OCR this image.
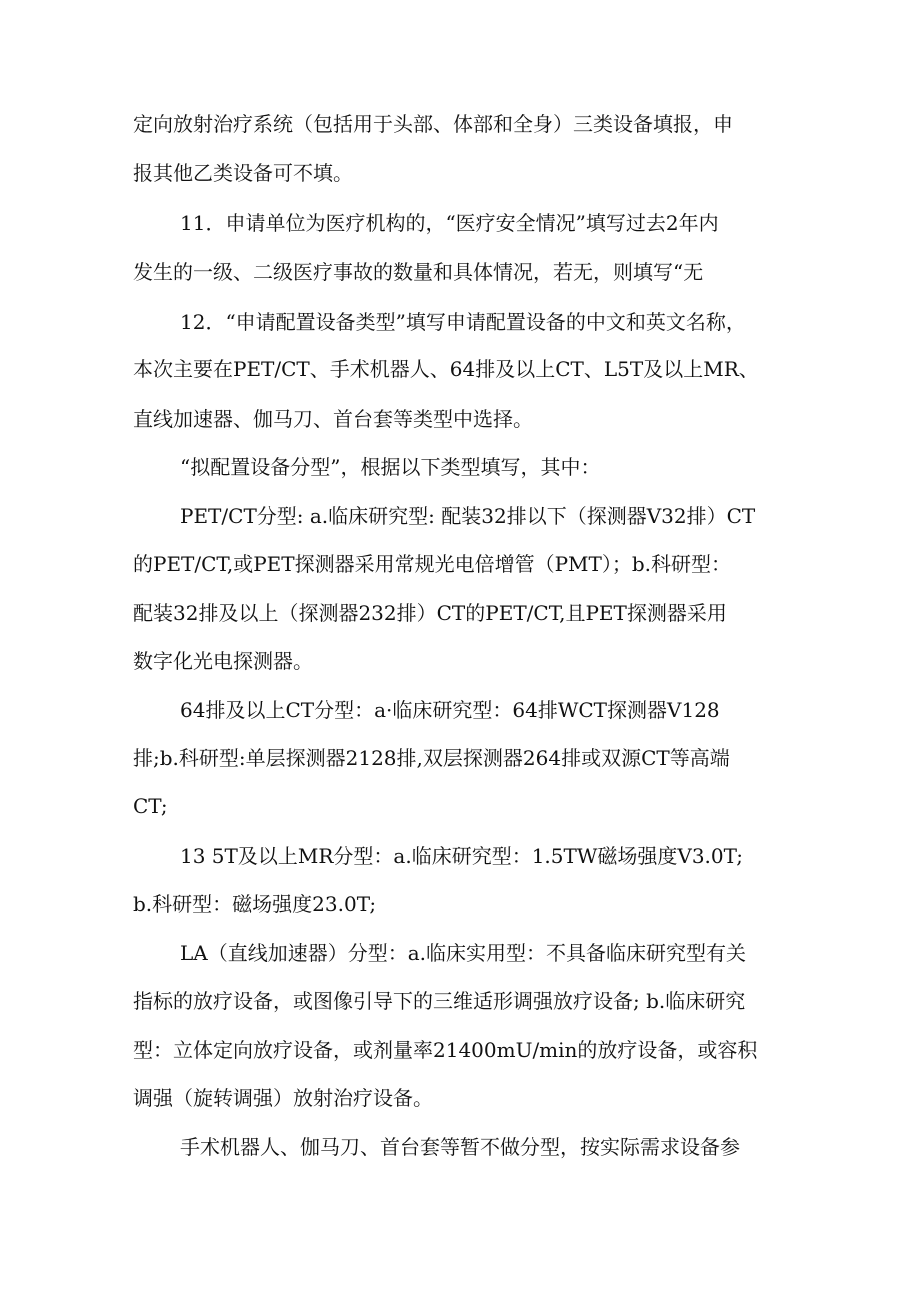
定向放射治疗系统（包括用于头部、体部和全身）三类设备填报，申
报其他乙类设备可不填。
11．申请单位为医疗机构的，“医疗安全情况”填写过去2年内
发生的一级、二级医疗事故的数量和具体情况，若无，则填写“无
12．“申请配置设备类型”填写申请配置设备的中文和英文名称，
本次主要在PET/CT、手术机器人、64排及以上CT、L5T及以上MR、
直线加速器、伽马刀、首台套等类型中选择。
“拟配置设备分型”，根据以下类型填写，其中：
PET/CT分型: a.临床研究型: 配装32排以下（探测器V32排）CT
的PET/CT,或PET探测器采用常规光电倍增管（PMT）；b.科研型：
配装32排及以上（探测器232排）CT的PET/CT,且PET探测器采用
数字化光电探测器。
64排及以上CT分型：a·临床研究型：64排WCT探测器V128
排;b.科研型:单层探测器2128排,双层探测器264排或双源CT等高端
CT;
13 5T及以上MR分型：a.临床研究型：1.5TW磁场强度V3.0T;
b.科研型：磁场强度23.0T;
LA（直线加速器）分型：a.临床实用型：不具备临床研究型有关
指标的放疗设备，或图像引导下的三维适形调强放疗设备; b.临床研究
型：立体定向放疗设备，或剂量率21400mU/min的放疗设备，或容积
调强（旋转调强）放射治疗设备。
手术机器人、伽马刀、首台套等暂不做分型，按实际需求设备参
